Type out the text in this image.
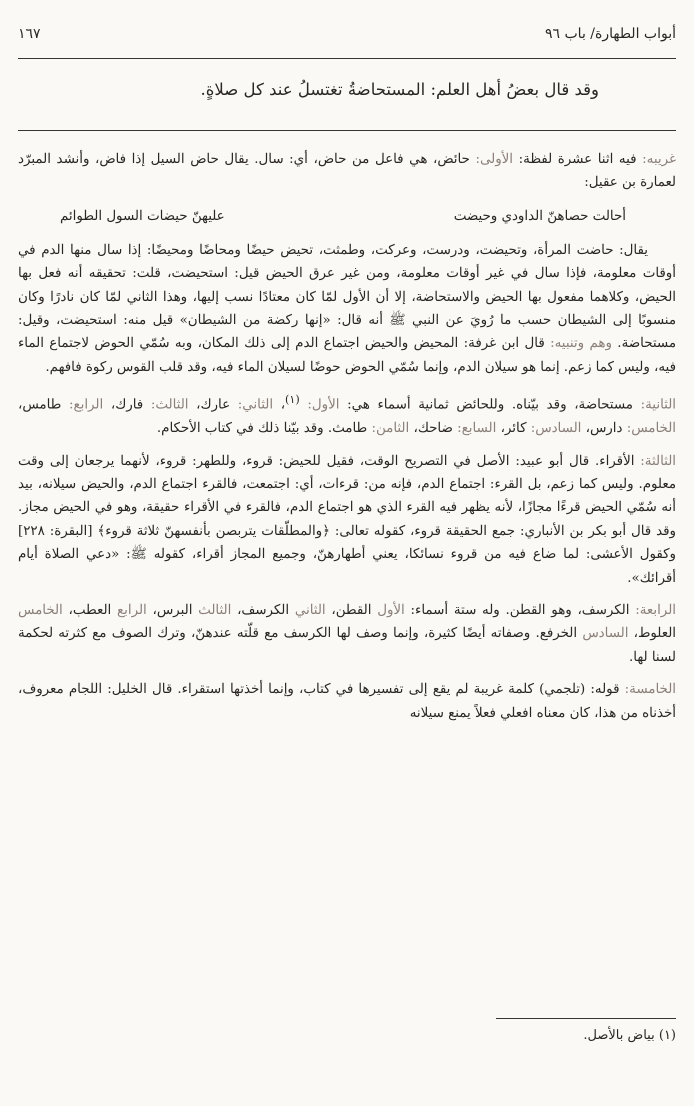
أبواب الطهارة/ باب ٩٦
١٦٧
وقد قال بعضُ أهل العلم: المستحاضةُ تغتسلُ عند كل صلاةٍ.

غريبه: فيه اثنا عشرة لفظة: الأولى: حائض، هي فاعل من حاض، أي: سال. يقال حاض السيل إذا فاض، وأنشد المبرّد لعمارة بن عقيل:

أحالت حصاهنّ الداودي وحيضت
عليهنّ حيضات السول الطوائم

يقال: حاضت المرأة، وتحيضت، ودرست، وعركت، وطمثت، تحيض حيضًا ومحاضًا ومحيضًا: إذا سال منها الدم في أوقات معلومة، فإذا سال في غير أوقات معلومة، ومن غير عرق الحيض قيل: استحيضت، قلت: تحقيقه أنه فعل بها الحيض، وكلاهما مفعول بها الحيض والاستحاضة، إلا أن الأول لمّا كان معتادًا نسب إليها، وهذا الثاني لمّا كان نادرًا وكان منسوبًا إلى الشيطان حسب ما رُويَ عن النبي ﷺ أنه قال: «إنها ركضة من الشيطان» قيل منه: استحيضت، وقيل: مستحاضة. وهم وتنبيه: قال ابن غرفة: المحيض والحيض اجتماع الدم إلى ذلك المكان، وبه سُمّي الحوض لاجتماع الماء فيه، وليس كما زعم. إنما هو سيلان الدم، وإنما سُمّي الحوض حوضًا لسيلان الماء فيه، وقد قلب القوس ركوة فافهم.

الثانية: مستحاضة، وقد بيّناه. وللحائض ثمانية أسماء هي: الأول: $^{(١)}$، الثاني: عارك، الثالث: فارك، الرابع: طامس، الخامس: دارس، السادس: كائر، السابع: ضاحك، الثامن: طامث. وقد بيّنا ذلك في كتاب الأحكام.

الثالثة: الأقراء. قال أبو عبيد: الأصل في التصريح الوقت، فقيل للحيض: قروء، وللطهر: قروء، لأنهما يرجعان إلى وقت معلوم. وليس كما زعم، بل القرء: اجتماع الدم، فإنه من: قرءات، أي: اجتمعت، فالقرء اجتماع الدم، والحيض سيلانه، بيد أنه سُمّي الحيض قرءًا مجازًا، لأنه يظهر فيه القرء الذي هو اجتماع الدم، فالقرء في الأقراء حقيقة، وهو في الحيض مجاز. وقد قال أبو بكر بن الأنباري: جمع الحقيقة قروء، كقوله تعالى: ﴿والمطلّقات يتربصن بأنفسهنّ ثلاثة قروء﴾ [البقرة: ٢٢٨] وكقول الأعشى: لما ضاع فيه من قروء نسائكا، يعني أطهارهنّ، وجميع المجاز أقراء، كقوله ﷺ: «دعي الصلاة أيام أقرائك».

الرابعة: الكرسف، وهو القطن. وله ستة أسماء: الأول القطن، الثاني الكرسف، الثالث البرس، الرابع العطب، الخامس العلوط، السادس الخرفع. وصفاته أيضًا كثيرة، وإنما وصف لها الكرسف مع قلّته عندهنّ، وترك الصوف مع كثرته لحكمة لسنا لها.

الخامسة: قوله: (تلجمي) كلمة غريبة لم يقع إلى تفسيرها في كتاب، وإنما أخذتها استقراء. قال الخليل: اللجام معروف، أخذناه من هذا، كان معناه افعلي فعلاً يمنع سيلانه

(١) بياض بالأصل.
